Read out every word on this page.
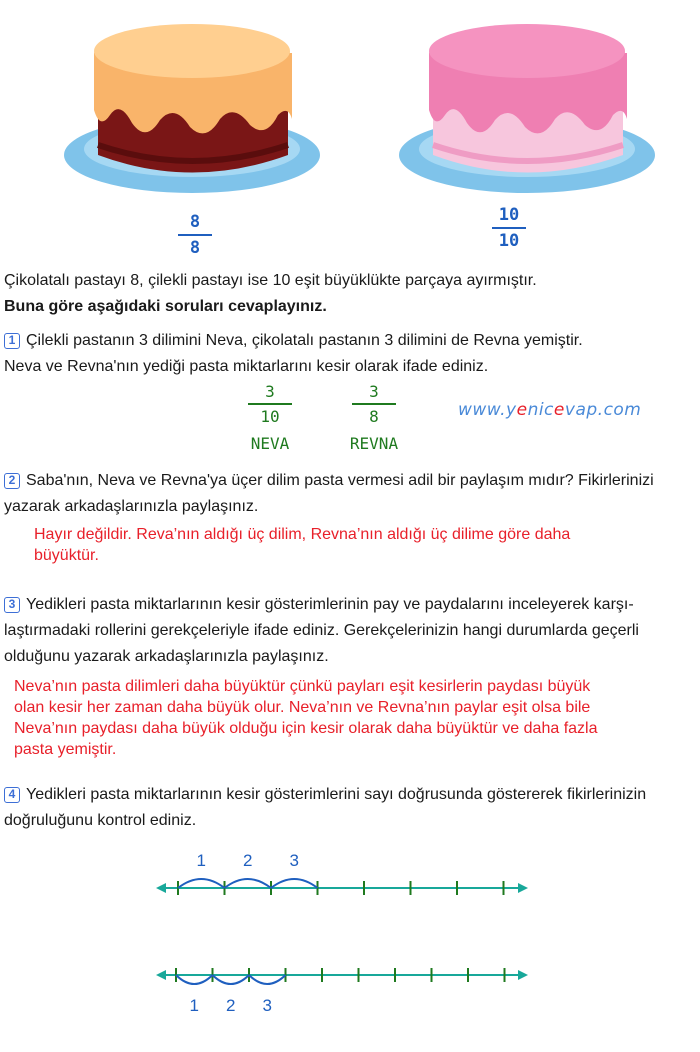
8
8
10
10
Çikolatalı pastayı 8, çilekli pastayı ise 10 eşit büyüklükte parçaya ayırmıştır.
Buna göre aşağıdaki soruları cevaplayınız.
1 Çilekli pastanın 3 dilimini Neva, çikolatalı pastanın 3 dilimini de Revna yemiştir.
Neva ve Revna'nın yediği pasta miktarlarını kesir olarak ifade ediniz.
3
10
NEVA
3
8
REVNA
www.yenicevap.com
2 Saba'nın, Neva ve Revna'ya üçer dilim pasta vermesi adil bir paylaşım mıdır? Fikirlerinizi
yazarak arkadaşlarınızla paylaşınız.
Hayır değildir. Reva’nın aldığı üç dilim, Revna’nın aldığı üç dilime göre daha
büyüktür.
3 Yedikleri pasta miktarlarının kesir gösterimlerinin pay ve paydalarını inceleyerek karşı-
laştırmadaki rollerini gerekçeleriyle ifade ediniz. Gerekçelerinizin hangi durumlarda geçerli
olduğunu yazarak arkadaşlarınızla paylaşınız.
Neva’nın pasta dilimleri daha büyüktür çünkü payları eşit kesirlerin paydası büyük
olan kesir her zaman daha büyük olur. Neva’nın ve Revna’nın paylar eşit olsa bile
Neva’nın paydası daha büyük olduğu için kesir olarak daha büyüktür ve daha fazla
pasta yemiştir.
4 Yedikleri pasta miktarlarının kesir gösterimlerini sayı doğrusunda göstererek fikirlerinizin
doğruluğunu kontrol ediniz.
1 2 3
1 2 3
